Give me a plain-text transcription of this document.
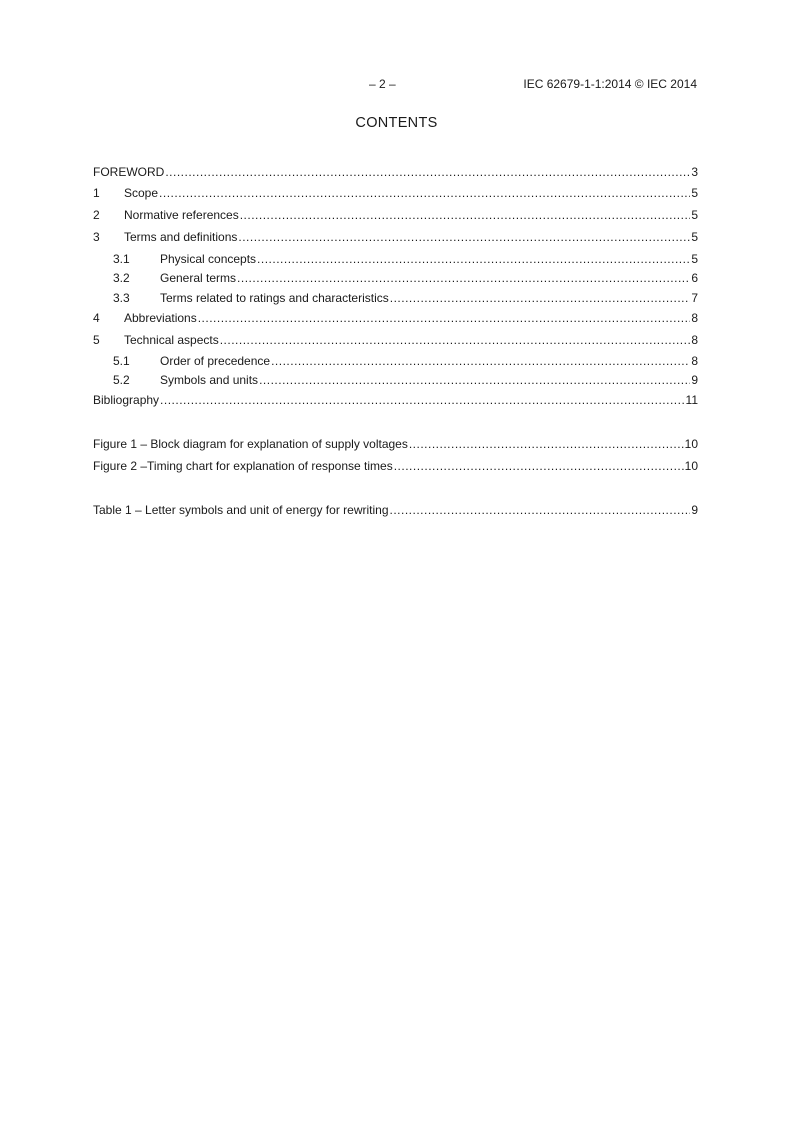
– 2 –	IEC 62679-1-1:2014 © IEC 2014
CONTENTS
FOREWORD .....	3
1	Scope .....	5
2	Normative references .....	5
3	Terms and definitions .....	5
3.1	Physical concepts .....	5
3.2	General terms .....	6
3.3	Terms related to ratings and characteristics .....	7
4	Abbreviations .....	8
5	Technical aspects .....	8
5.1	Order of precedence .....	8
5.2	Symbols and units .....	9
Bibliography .....	11
Figure 1 – Block diagram for explanation of supply voltages .....	10
Figure 2 –Timing chart for explanation of response times .....	10
Table 1 – Letter symbols and unit of energy for rewriting .....	9
